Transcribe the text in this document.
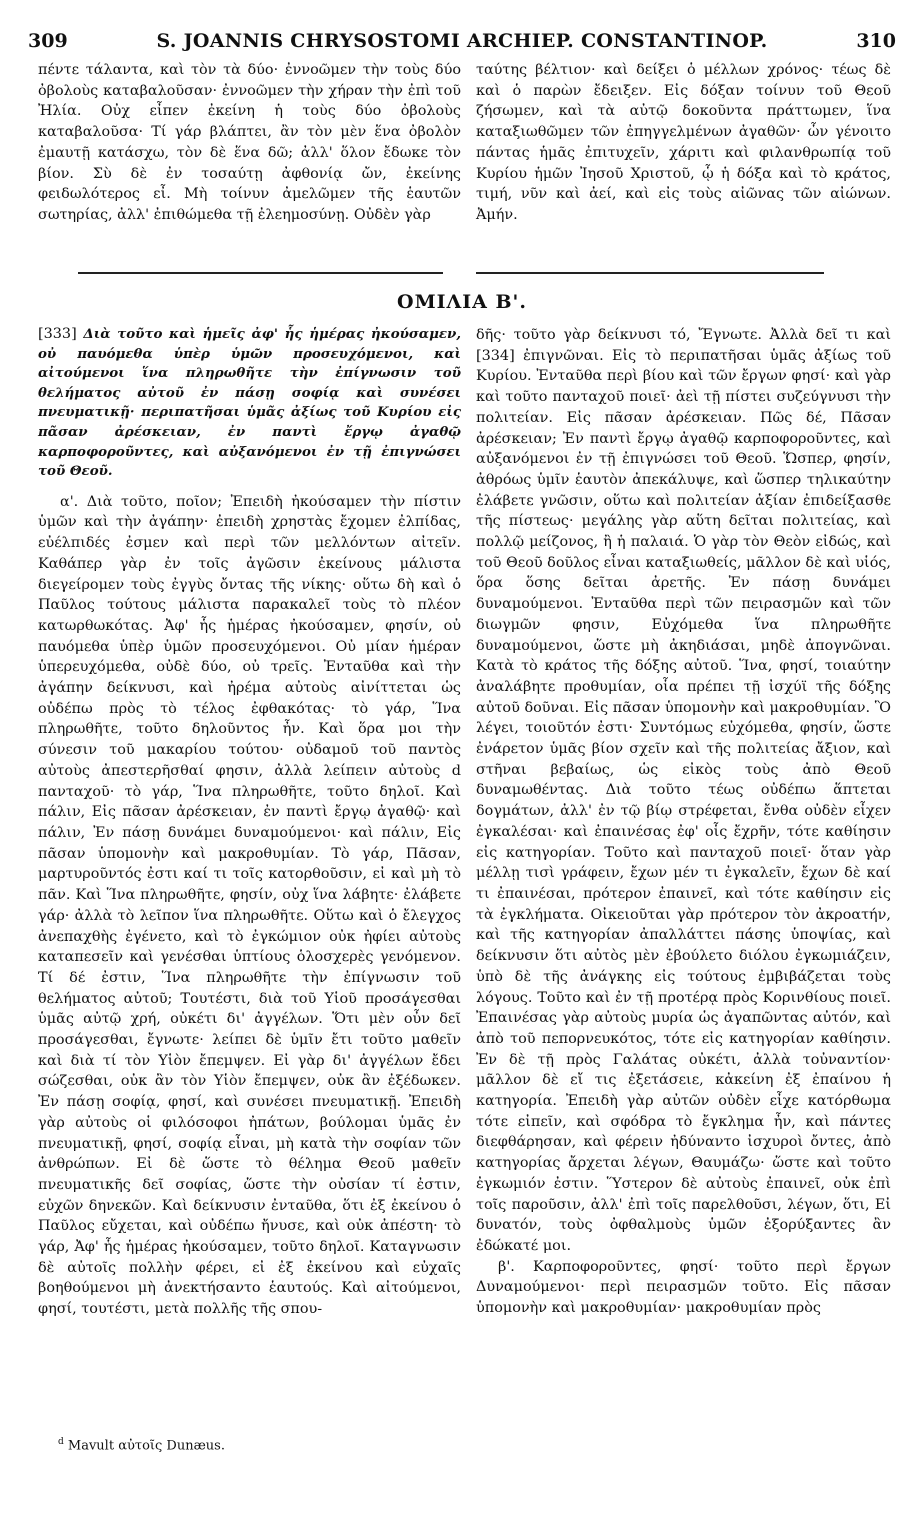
309	S. JOANNIS CHRYSOSTOMI ARCHIEP. CONSTANTINOP.	310

πέντε τάλαντα, καὶ τὸν τὰ δύο· ἐννοῶμεν τὴν τοὺς δύο ὀβολοὺς καταβαλοῦσαν· ἐννοῶμεν τὴν χήραν τὴν ἐπὶ τοῦ Ἠλία. Οὐχ εἶπεν ἐκείνη ἡ τοὺς δύο ὀβολοὺς καταβαλοῦσα· Τί γάρ βλάπτει, ἂν τὸν μὲν ἕνα ὀβολὸν ἐμαυτῇ κατάσχω, τὸν δὲ ἕνα δῶ; ἀλλ' ὅλον ἔδωκε τὸν βίον. Σὺ δὲ ἐν τοσαύτῃ ἀφθονίᾳ ὤν, ἐκείνης φειδωλότερος εἶ. Μὴ τοίνυν ἀμελῶμεν τῆς ἑαυτῶν σωτηρίας, ἀλλ' ἐπιθώμεθα τῇ ἐλεημοσύνῃ. Οὐδὲν γὰρ

ταύτης βέλτιον· καὶ δείξει ὁ μέλλων χρόνος· τέως δὲ καὶ ὁ παρὼν ἔδειξεν. Εἰς δόξαν τοίνυν τοῦ Θεοῦ ζήσωμεν, καὶ τὰ αὐτῷ δοκοῦντα πράττωμεν, ἵνα καταξιωθῶμεν τῶν ἐπηγγελμένων ἀγαθῶν· ὧν γένοιτο πάντας ἡμᾶς ἐπιτυχεῖν, χάριτι καὶ φιλανθρωπίᾳ τοῦ Κυρίου ἡμῶν Ἰησοῦ Χριστοῦ, ᾧ ἡ δόξα καὶ τὸ κράτος, τιμή, νῦν καὶ ἀεί, καὶ εἰς τοὺς αἰῶνας τῶν αἰώνων. Ἀμήν.

ΟΜΙΛΙΑ Β'.

[333] Διὰ τοῦτο καὶ ἡμεῖς ἀφ' ἧς ἡμέρας ἠκούσαμεν, οὐ παυόμεθα ὑπὲρ ὑμῶν προσευχόμενοι, καὶ αἰτούμενοι ἵνα πληρωθῆτε τὴν ἐπίγνωσιν τοῦ θελήματος αὐτοῦ ἐν πάσῃ σοφίᾳ καὶ συνέσει πνευματικῇ· περιπατῆσαι ὑμᾶς ἀξίως τοῦ Κυρίου εἰς πᾶσαν ἀρέσκειαν, ἐν παντὶ ἔργῳ ἀγαθῷ καρποφοροῦντες, καὶ αὐξανόμενοι ἐν τῇ ἐπιγνώσει τοῦ Θεοῦ.

α'. Διὰ τοῦτο, ποῖον; Ἐπειδὴ ἠκούσαμεν τὴν πίστιν ὑμῶν καὶ τὴν ἀγάπην· ἐπειδὴ χρηστὰς ἔχομεν ἐλπίδας, εὐέλπιδές ἐσμεν καὶ περὶ τῶν μελλόντων αἰτεῖν. Καθάπερ γὰρ ἐν τοῖς ἀγῶσιν ἐκείνους μάλιστα διεγείρομεν τοὺς ἐγγὺς ὄντας τῆς νίκης· οὕτω δὴ καὶ ὁ Παῦλος τούτους μάλιστα παρακαλεῖ τοὺς τὸ πλέον κατωρθωκότας. Ἀφ' ἧς ἡμέρας ἠκούσαμεν, φησίν, οὐ παυόμεθα ὑπὲρ ὑμῶν προσευχόμενοι. Οὐ μίαν ἡμέραν ὑπερευχόμεθα, οὐδὲ δύο, οὐ τρεῖς. Ἐνταῦθα καὶ τὴν ἀγάπην δείκνυσι, καὶ ἠρέμα αὐτοὺς αἰνίττεται ὡς οὐδέπω πρὸς τὸ τέλος ἐφθακότας· τὸ γάρ, Ἵνα πληρωθῆτε, τοῦτο δηλοῦντος ἦν. Καὶ ὅρα μοι τὴν σύνεσιν τοῦ μακαρίου τούτου· οὐδαμοῦ τοῦ παντὸς αὐτοὺς ἀπεστερῆσθαί φησιν, ἀλλὰ λείπειν αὐτοὺς d πανταχοῦ· τὸ γάρ, Ἵνα πληρωθῆτε, τοῦτο δηλοῖ. Καὶ πάλιν, Εἰς πᾶσαν ἀρέσκειαν, ἐν παντὶ ἔργῳ ἀγαθῷ· καὶ πάλιν, Ἐν πάσῃ δυνάμει δυναμούμενοι· καὶ πάλιν, Εἰς πᾶσαν ὑπομονὴν καὶ μακροθυμίαν. Τὸ γάρ, Πᾶσαν, μαρτυροῦντός ἐστι καί τι τοῖς κατορθοῦσιν, εἰ καὶ μὴ τὸ πᾶν. Καὶ Ἵνα πληρωθῆτε, φησίν, οὐχ ἵνα λάβητε· ἐλάβετε γάρ· ἀλλὰ τὸ λεῖπον ἵνα πληρωθῆτε. Οὕτω καὶ ὁ ἔλεγχος ἀνεπαχθὴς ἐγένετο, καὶ τὸ ἐγκώμιον οὐκ ἠφίει αὐτοὺς καταπεσεῖν καὶ γενέσθαι ὑπτίους ὁλοσχερὲς γενόμενον. Τί δέ ἐστιν, Ἵνα πληρωθῆτε τὴν ἐπίγνωσιν τοῦ θελήματος αὐτοῦ; Τουτέστι, διὰ τοῦ Υἱοῦ προσάγεσθαι ὑμᾶς αὐτῷ χρή, οὐκέτι δι' ἀγγέλων. Ὅτι μὲν οὖν δεῖ προσάγεσθαι, ἔγνωτε· λείπει δὲ ὑμῖν ἔτι τοῦτο μαθεῖν καὶ διὰ τί τὸν Υἱὸν ἔπεμψεν. Εἰ γὰρ δι' ἀγγέλων ἔδει σώζεσθαι, οὐκ ἂν τὸν Υἱὸν ἔπεμψεν, οὐκ ἂν ἐξέδωκεν. Ἐν πάσῃ σοφίᾳ, φησί, καὶ συνέσει πνευματικῇ. Ἐπειδὴ γὰρ αὐτοὺς οἱ φιλόσοφοι ἠπάτων, βούλομαι ὑμᾶς ἐν πνευματικῇ, φησί, σοφίᾳ εἶναι, μὴ κατὰ τὴν σοφίαν τῶν ἀνθρώπων. Εἰ δὲ ὥστε τὸ θέλημα Θεοῦ μαθεῖν πνευματικῆς δεῖ σοφίας, ὥστε τὴν οὐσίαν τί ἐστιν, εὐχῶν δηνεκῶν. Καὶ δείκνυσιν ἐνταῦθα, ὅτι ἐξ ἐκείνου ὁ Παῦλος εὔχεται, καὶ οὐδέπω ἤνυσε, καὶ οὐκ ἀπέστη· τὸ γάρ, Ἀφ' ἧς ἡμέρας ἠκούσαμεν, τοῦτο δηλοῖ. Καταγνωσιν δὲ αὐτοῖς πολλὴν φέρει, εἰ ἐξ ἐκείνου καὶ εὐχαῖς βοηθούμενοι μὴ ἀνεκτήσαντο ἑαυτούς. Καὶ αἰτούμενοι, φησί, τουτέστι, μετὰ πολλῆς τῆς σπου-

δῆς· τοῦτο γὰρ δείκνυσι τό, Ἔγνωτε. Ἀλλὰ δεῖ τι καὶ [334] ἐπιγνῶναι. Εἰς τὸ περιπατῆσαι ὑμᾶς ἀξίως τοῦ Κυρίου. Ἐνταῦθα περὶ βίου καὶ τῶν ἔργων φησί· καὶ γὰρ καὶ τοῦτο πανταχοῦ ποιεῖ· ἀεὶ τῇ πίστει συζεύγνυσι τὴν πολιτείαν. Εἰς πᾶσαν ἀρέσκειαν. Πῶς δέ, Πᾶσαν ἀρέσκειαν; Ἐν παντὶ ἔργῳ ἀγαθῷ καρποφοροῦντες, καὶ αὐξανόμενοι ἐν τῇ ἐπιγνώσει τοῦ Θεοῦ. Ὥσπερ, φησίν, ἀθρόως ὑμῖν ἑαυτὸν ἀπεκάλυψε, καὶ ὥσπερ τηλικαύτην ἐλάβετε γνῶσιν, οὕτω καὶ πολιτείαν ἀξίαν ἐπιδείξασθε τῆς πίστεως· μεγάλης γὰρ αὕτη δεῖται πολιτείας, καὶ πολλῷ μείζονος, ἢ ἡ παλαιά. Ὁ γὰρ τὸν Θεὸν εἰδώς, καὶ τοῦ Θεοῦ δοῦλος εἶναι καταξιωθείς, μᾶλλον δὲ καὶ υἱός, ὅρα ὅσης δεῖται ἀρετῆς. Ἐν πάσῃ δυνάμει δυναμούμενοι. Ἐνταῦθα περὶ τῶν πειρασμῶν καὶ τῶν διωγμῶν φησιν, Εὐχόμεθα ἵνα πληρωθῆτε δυναμούμενοι, ὥστε μὴ ἀκηδιάσαι, μηδὲ ἀπογνῶναι. Κατὰ τὸ κράτος τῆς δόξης αὐτοῦ. Ἵνα, φησί, τοιαύτην ἀναλάβητε προθυμίαν, οἷα πρέπει τῇ ἰσχύϊ τῆς δόξης αὐτοῦ δοῦναι. Εἰς πᾶσαν ὑπομονὴν καὶ μακροθυμίαν. Ὃ λέγει, τοιοῦτόν ἐστι· Συντόμως εὐχόμεθα, φησίν, ὥστε ἐνάρετον ὑμᾶς βίον σχεῖν καὶ τῆς πολιτείας ἄξιον, καὶ στῆναι βεβαίως, ὡς εἰκὸς τοὺς ἀπὸ Θεοῦ δυναμωθέντας. Διὰ τοῦτο τέως οὐδέπω ἅπτεται δογμάτων, ἀλλ' ἐν τῷ βίῳ στρέφεται, ἔνθα οὐδὲν εἶχεν ἐγκαλέσαι· καὶ ἐπαινέσας ἐφ' οἷς ἔχρῆν, τότε καθίησιν εἰς κατηγορίαν. Τοῦτο καὶ πανταχοῦ ποιεῖ· ὅταν γὰρ μέλλῃ τισὶ γράφειν, ἔχων μέν τι ἐγκαλεῖν, ἔχων δὲ καί τι ἐπαινέσαι, πρότερον ἐπαινεῖ, καὶ τότε καθίησιν εἰς τὰ ἐγκλήματα. Οἰκειοῦται γὰρ πρότερον τὸν ἀκροατήν, καὶ τῆς κατηγορίαν ἀπαλλάττει πάσης ὑποψίας, καὶ δείκνυσιν ὅτι αὐτὸς μὲν ἐβούλετο διόλου ἐγκωμιάζειν, ὑπὸ δὲ τῆς ἀνάγκης εἰς τούτους ἐμβιβάζεται τοὺς λόγους. Τοῦτο καὶ ἐν τῇ προτέρᾳ πρὸς Κορινθίους ποιεῖ. Ἐπαινέσας γὰρ αὐτοὺς μυρία ὡς ἀγαπῶντας αὐτόν, καὶ ἀπὸ τοῦ πεπορνευκότος, τότε εἰς κατηγορίαν καθίησιν. Ἐν δὲ τῇ πρὸς Γαλάτας οὐκέτι, ἀλλὰ τοὐναντίον· μᾶλλον δὲ εἴ τις ἐξετάσειε, κἀκείνη ἐξ ἐπαίνου ἡ κατηγορία. Ἐπειδὴ γὰρ αὐτῶν οὐδὲν εἶχε κατόρθωμα τότε εἰπεῖν, καὶ σφόδρα τὸ ἔγκλημα ἦν, καὶ πάντες διεφθάρησαν, καὶ φέρειν ἠδύναντο ἰσχυροὶ ὄντες, ἀπὸ κατηγορίας ἄρχεται λέγων, Θαυμάζω· ὥστε καὶ τοῦτο ἐγκωμιόν ἐστιν. Ὕστερον δὲ αὐτοὺς ἐπαινεῖ, οὐκ ἐπὶ τοῖς παροῦσιν, ἀλλ' ἐπὶ τοῖς παρελθοῦσι, λέγων, ὅτι, Εἰ δυνατόν, τοὺς ὀφθαλμοὺς ὑμῶν ἐξορύξαντες ἂν ἐδώκατέ μοι.

β'. Καρποφοροῦντες, φησί· τοῦτο περὶ ἔργων Δυναμούμενοι· περὶ πειρασμῶν τοῦτο. Εἰς πᾶσαν ὑπομονὴν καὶ μακροθυμίαν· μακροθυμίαν πρὸς

$^d$ Mavult αὐτοῖς Dunæus.
